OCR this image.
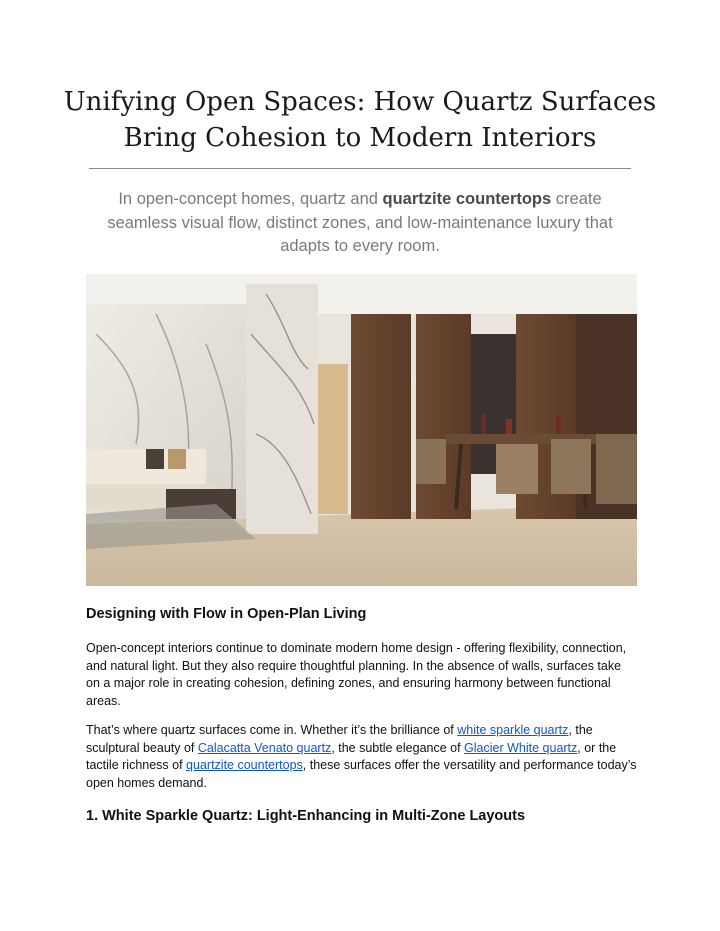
Unifying Open Spaces: How Quartz Surfaces
Bring Cohesion to Modern Interiors

In open-concept homes, quartz and quartzite countertops create seamless visual flow, distinct zones, and low-maintenance luxury that adapts to every room.

Designing with Flow in Open-Plan Living

Open-concept interiors continue to dominate modern home design - offering flexibility, connection, and natural light. But they also require thoughtful planning. In the absence of walls, surfaces take on a major role in creating cohesion, defining zones, and ensuring harmony between functional areas.

That’s where quartz surfaces come in. Whether it’s the brilliance of white sparkle quartz, the sculptural beauty of Calacatta Venato quartz, the subtle elegance of Glacier White quartz, or the tactile richness of quartzite countertops, these surfaces offer the versatility and performance today’s open homes demand.

1. White Sparkle Quartz: Light-Enhancing in Multi-Zone Layouts
